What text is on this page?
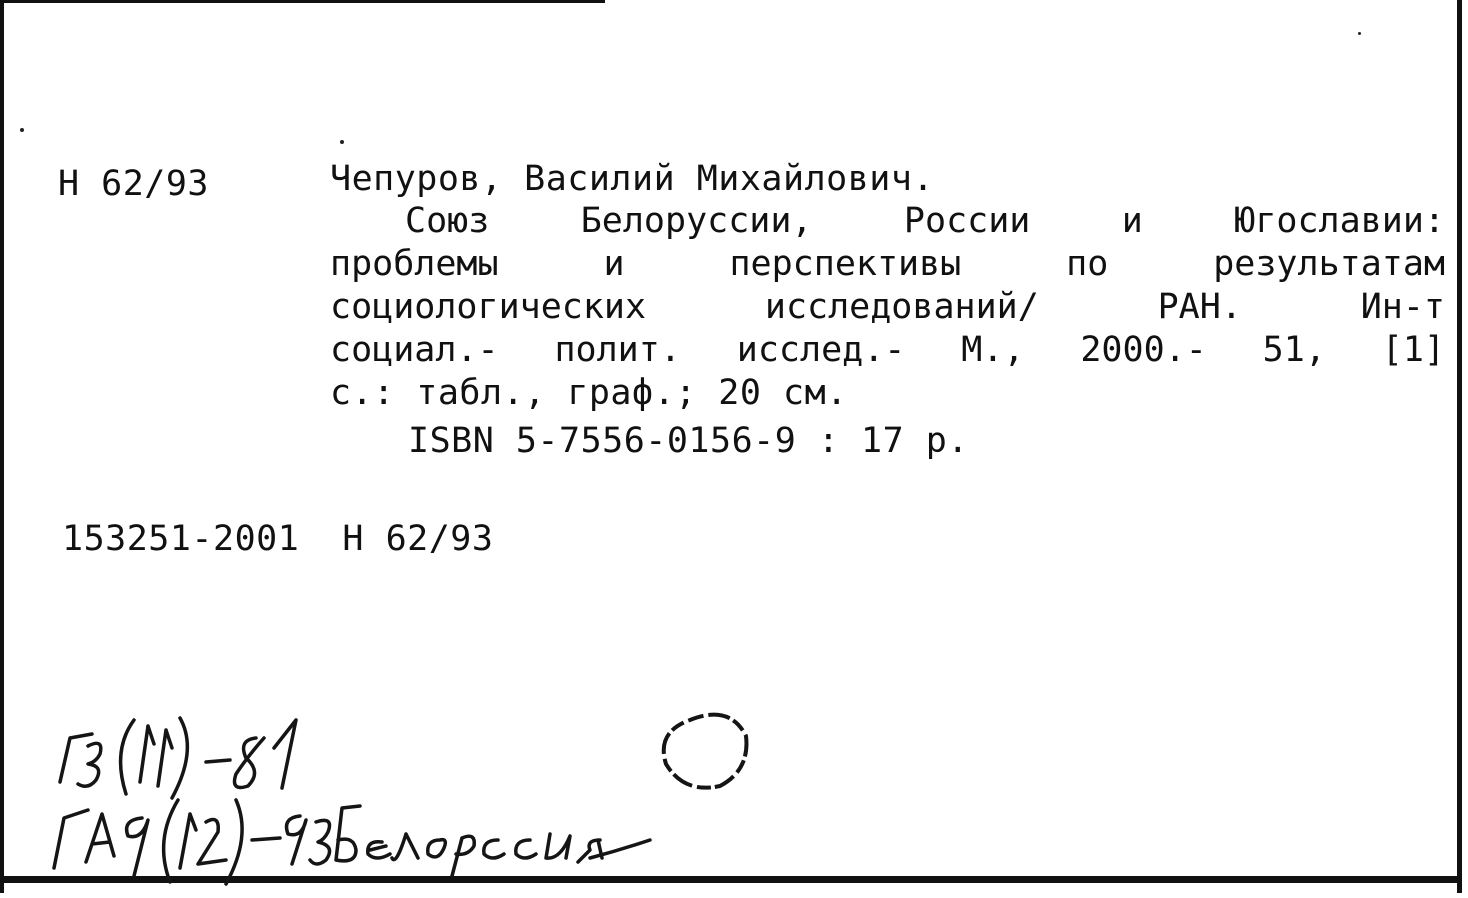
Н 62/93	Чепуров, Василий Михайлович.
Союз Белоруссии, России и Югославии:
проблемы и перспективы по результатам
социологических исследований/ РАН. Ин-т
социал.- полит. исслед.- М., 2000.- 51, [1]
с.: табл., граф.; 20 см.
ISBN 5-7556-0156-9 : 17 р.
153251-2001  Н 62/93
